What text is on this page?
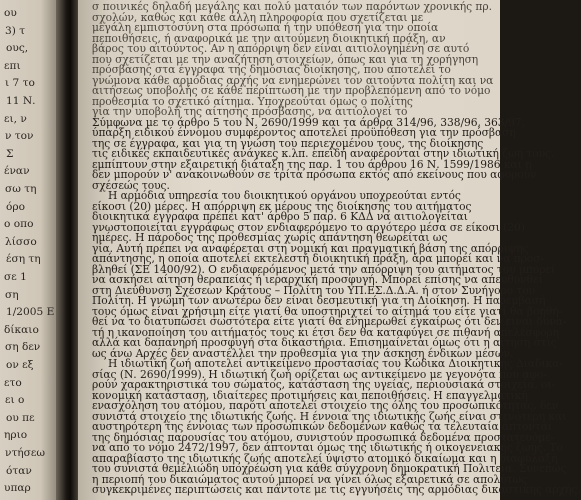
ου
3) τ
ους,
επι
ι 7 το
11 Ν.
ει, ν
ν τον
Σ
έναν
σω τη
όρο
ο οπο
λίσσο
έση τη
σε 1
ση
1/2005 Ε
δίκαιο
ση δεν
ον εξ
ετο
ει ο
ου πε
ηριο
ντήσεω
όταν
υπαρ
σ ποινικές δηλαδή μεγάλης και πολύ ματαιόν των παρόντων χρονικής πρ.
σχολών, καθώς και κάθε άλλη πληροφορία που σχετίζεται με
μεγάλη εμπιστοσύνη στα πρόσωπα ή την υπόθεση για την οποία
πεποιθήσεις, ή αναφορικά με την αιτούμενη διοικητική πράξη, αν
βάρος του αιτούντος. Αν η απόρριψη δεν είναι αιτιολογημένη σε αυτό
που σχετίζεται με την αναζήτηση στοιχείων, όπως και για τη χορήγηση
πρόσβασης στα έγγραφα της δημόσιας διοίκησης, που αποτελεί το
γνώμονα κάθε αρμόδιας αρχής να ενημερώνει τον αιτούντα πολίτη και να
αιτήσεως υποβολής σε κάθε περίπτωση με την προβλεπόμενη από το νόμο
προθεσμία το σχετικό αίτημα. Υποχρεούται όμως ο πολίτης
για την υποβολή της αίτησης πρόσβασης, να αιτιολογεί το
Σύμφωνα με το άρθρο 5 του Ν. 2690/1999 και τα άρθρα 314/96, 338/96, 363/97,
ύπαρξη ειδικού έννομου συμφέροντος αποτελεί προϋπόθεση για την πρόσβαση
της σε έγγραφα, και για τη γνώση του περιεχομένου τους, της διοίκησης
τις ειδικές εκπαιδευτικές ανάγκες κ.λπ. επειδή αναφέρονται στην ιδιωτική ζωή τους.
εμπίπτουν στην εξαιρετική διάταξη της παρ. 1 του άρθρου 16 Ν. 1599/1986 και η
δεν μπορούν ν' ανακοινωθούν σε τρίτα πρόσωπα εκτός από εκείνους που αφορούν
σχέσεώς τους.
Η αρμόδια υπηρεσία του διοικητικού οργάνου υποχρεούται εντός
είκοσι (20) μέρες. Η απόρριψη εκ μέρους της διοίκησης του αιτήματος
διοικητικά έγγραφα πρέπει κατ' άρθρο 5 παρ. 6 ΚΔΔ να αιτιολογείται
γνωστοποιείται εγγράφως στον ενδιαφερόμενο το αργότερο μέσα σε είκοσι (20)
ημέρες. Η πάροδος της προθεσμίας χωρίς απάντηση θεωρείται ως
γία. Αυτή πρέπει να αναφέρεται στη νομική και πραγματική βάση της απόρριψης
απάντησης, η οποία αποτελεί εκτελεστή διοικητική πράξη, άρα μπορεί και να προσ-
βληθεί (ΣΕ 1400/92). Ο ενδιαφερόμενος μετά την απόρριψη του αιτήματος του μπορεί
να ασκήσει αίτηση θεραπείας ή ιεραρχική προσφυγή. Μπορεί επίσης να απευθυνθεί
στη Διεύθυνση Σχέσεων Κράτους – Πολίτη του ΥΠ.ΕΣ.Δ.Δ.Α. ή στον Συνήγορο του
Πολίτη. Η γνώμη των ανωτέρω δεν είναι δεσμευτική για τη Διοίκηση. Η παρέμβασή
τους όμως είναι χρήσιμη είτε γιατί θα υποστηριχτεί το αίτημά του είτε γιατί θα βοηθή-
θεί να το διατυπώσει σωστότερα είτε γιατί θα ενημερωθεί εγκαίρως ότι δεν είναι δυνα-
τή η ικανοποίηση του αιτήματός τους κι έτσι δεν θα καταφύγει σε πιθανή απελέσφορη
αλλά και δαπανηρή προσφυγή στα δικαστήρια. Επισημαίνεται όμως ότι η αίτηση στις
ως άνω Αρχές δεν αναστέλλει την προθεσμία για την άσκηση ένδικων μέσων.
Η ιδιωτική ζωή αποτελεί αντικείμενο προστασίας του Κώδικα Διοικητικής Διαδικα-
σίας (Ν. 2690/1999). Η ιδιωτική ζωή ορίζεται ως αντικείμενο με γεγονότα που αφο-
ρούν χαρακτηριστικά του σώματος, κατάσταση της υγείας, περιουσιακά στοιχεία, οι-
κονομική κατάσταση, ιδιαίτερες προτιμήσεις και πεποιθήσεις. Η επαγγελματική
ενασχόληση του ατόμου, παρότι αποτελεί στοιχείο της όλης του προσωπικότητας, δεν
συνιστά στοιχείο της ιδιωτικής ζωής. Η έννοια της ιδιωτικής ζωής είναι στενότερη και
αυστηρότερη της έννοιας των προσωπικών δεδομένων καθώς τα τελευταία άπτονται
της δημόσιας παρουσίας του ατόμου, συνιστούν προσωπικά δεδομένα προστατευόμε-
να από το νόμο 2472/1997, δεν άπτονται όμως της ιδιωτικής ή οικογενειακής ζωής. Το
απαραβίαστο της ιδιωτικής ζωής αποτελεί ύψιστο ατομικό δικαίωμα και η διαφύλαξή
του συνιστά θεμελιώδη υποχρέωση για κάθε σύγχρονη δημοκρατική Πολιτεία. Συνεπώς
η περιοπή του δικαιώματος αυτού μπορεί να γίνει όλως εξαιρετικά σε απολύτως
συγκεκριμένες περιπτώσεις και πάντοτε με τις εγγυήσεις της αρμόδιας δικαστικής αρχής.
